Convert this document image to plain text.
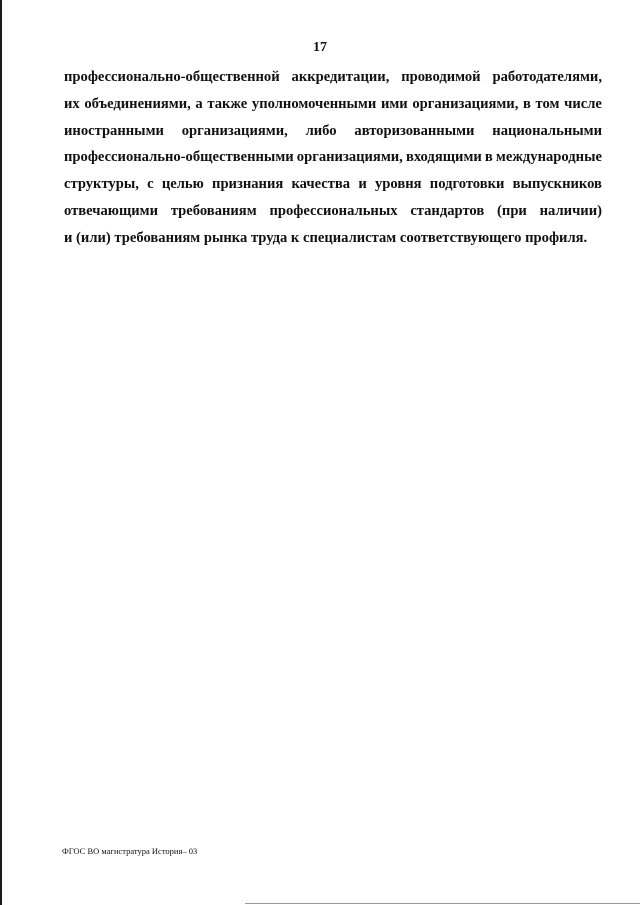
17
профессионально-общественной аккредитации, проводимой работодателями,
их объединениями, а также уполномоченными ими организациями, в том числе
иностранными организациями, либо авторизованными национальными
профессионально-общественными организациями, входящими в международные
структуры, с целью признания качества и уровня подготовки выпускников
отвечающими требованиям профессиональных стандартов (при наличии)
и (или) требованиям рынка труда к специалистам соответствующего профиля.
ФГОС ВО магистратура История– 03
